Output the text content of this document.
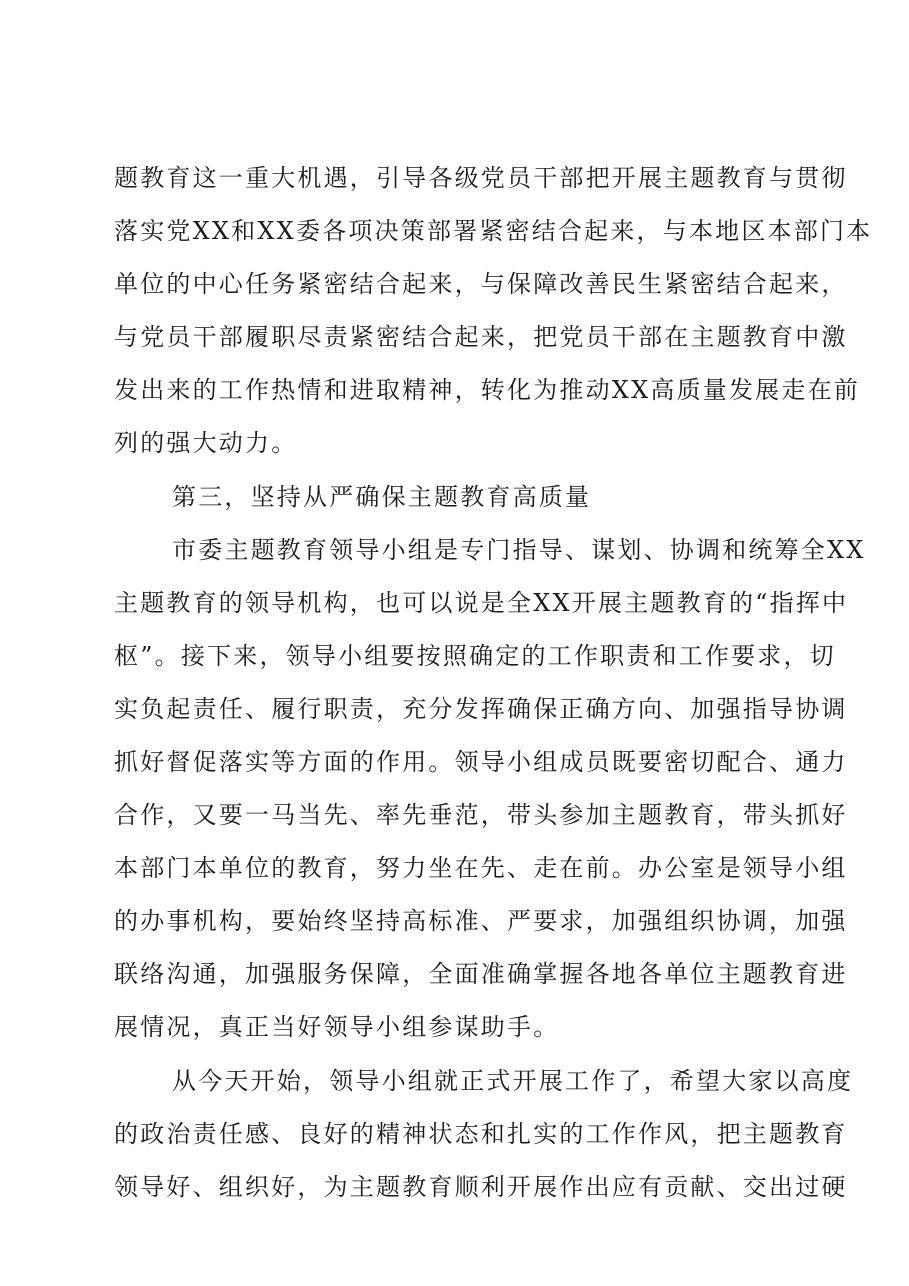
题教育这一重大机遇，引导各级党员干部把开展主题教育与贯彻
落实党XX和XX委各项决策部署紧密结合起来，与本地区本部门本
单位的中心任务紧密结合起来，与保障改善民生紧密结合起来，
与党员干部履职尽责紧密结合起来，把党员干部在主题教育中激
发出来的工作热情和进取精神，转化为推动XX高质量发展走在前
列的强大动力。
第三，坚持从严确保主题教育高质量
市委主题教育领导小组是专门指导、谋划、协调和统筹全XX
主题教育的领导机构，也可以说是全XX开展主题教育的“指挥中
枢”。接下来，领导小组要按照确定的工作职责和工作要求，切
实负起责任、履行职责，充分发挥确保正确方向、加强指导协调
抓好督促落实等方面的作用。领导小组成员既要密切配合、通力
合作，又要一马当先、率先垂范，带头参加主题教育，带头抓好
本部门本单位的教育，努力坐在先、走在前。办公室是领导小组
的办事机构，要始终坚持高标准、严要求，加强组织协调，加强
联络沟通，加强服务保障，全面准确掌握各地各单位主题教育进
展情况，真正当好领导小组参谋助手。
从今天开始，领导小组就正式开展工作了，希望大家以高度
的政治责任感、良好的精神状态和扎实的工作作风，把主题教育
领导好、组织好，为主题教育顺利开展作出应有贡献、交出过硬
